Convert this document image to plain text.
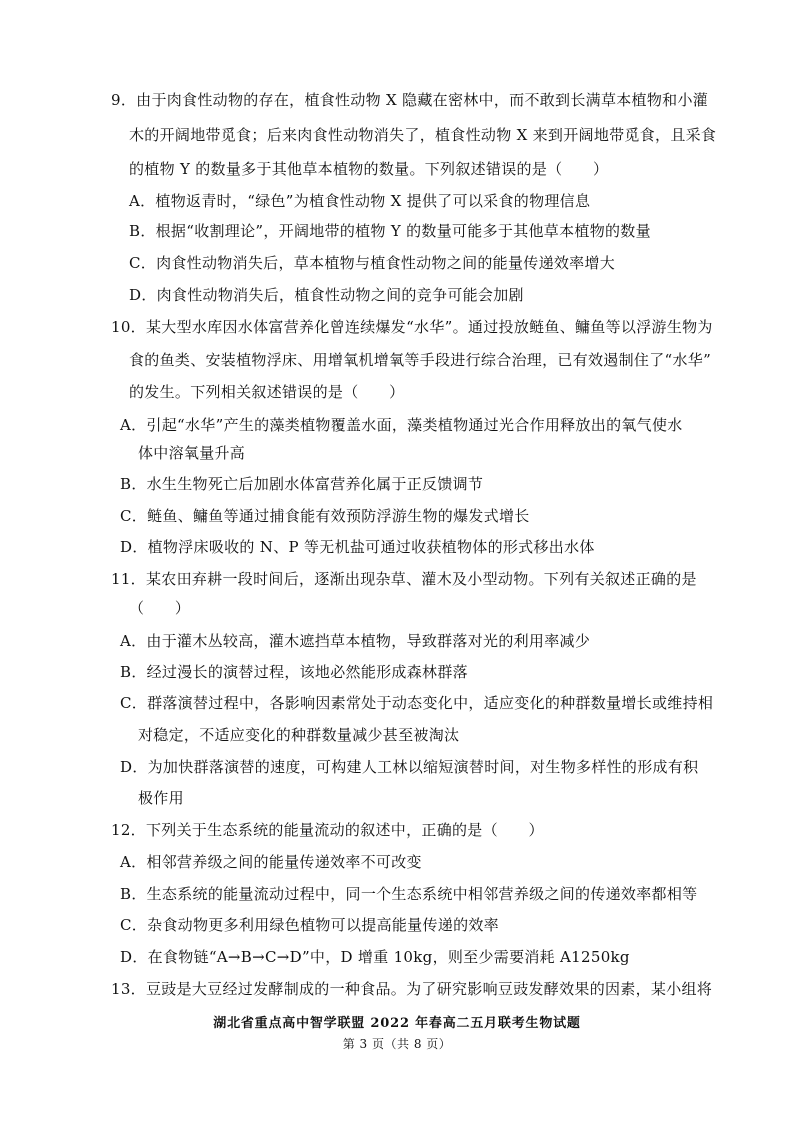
9．由于肉食性动物的存在，植食性动物 X 隐藏在密林中，而不敢到长满草本植物和小灌
木的开阔地带觅食；后来肉食性动物消失了，植食性动物 X 来到开阔地带觅食，且采食
的植物 Y 的数量多于其他草本植物的数量。下列叙述错误的是（　　）
A．植物返青时，“绿色”为植食性动物 X 提供了可以采食的物理信息
B．根据“收割理论”，开阔地带的植物 Y 的数量可能多于其他草本植物的数量
C．肉食性动物消失后，草本植物与植食性动物之间的能量传递效率增大
D．肉食性动物消失后，植食性动物之间的竞争可能会加剧
10．某大型水库因水体富营养化曾连续爆发“水华”。通过投放鲢鱼、鳙鱼等以浮游生物为
食的鱼类、安装植物浮床、用增氧机增氧等手段进行综合治理，已有效遏制住了“水华”
的发生。下列相关叙述错误的是（　　）
A．引起“水华”产生的藻类植物覆盖水面，藻类植物通过光合作用释放出的氧气使水
体中溶氧量升高
B．水生生物死亡后加剧水体富营养化属于正反馈调节
C．鲢鱼、鳙鱼等通过捕食能有效预防浮游生物的爆发式增长
D．植物浮床吸收的 N、P 等无机盐可通过收获植物体的形式移出水体
11．某农田弃耕一段时间后，逐渐出现杂草、灌木及小型动物。下列有关叙述正确的是
（　　）
A．由于灌木丛较高，灌木遮挡草本植物，导致群落对光的利用率减少
B．经过漫长的演替过程，该地必然能形成森林群落
C．群落演替过程中，各影响因素常处于动态变化中，适应变化的种群数量增长或维持相
对稳定，不适应变化的种群数量减少甚至被淘汰
D．为加快群落演替的速度，可构建人工林以缩短演替时间，对生物多样性的形成有积
极作用
12．下列关于生态系统的能量流动的叙述中，正确的是（　　）
A．相邻营养级之间的能量传递效率不可改变
B．生态系统的能量流动过程中，同一个生态系统中相邻营养级之间的传递效率都相等
C．杂食动物更多利用绿色植物可以提高能量传递的效率
D．在食物链“A→B→C→D”中，D 增重 10kg，则至少需要消耗 A1250kg
13．豆豉是大豆经过发酵制成的一种食品。为了研究影响豆豉发酵效果的因素，某小组将
湖北省重点高中智学联盟 2022 年春高二五月联考生物试题
第 3 页（共 8 页）
